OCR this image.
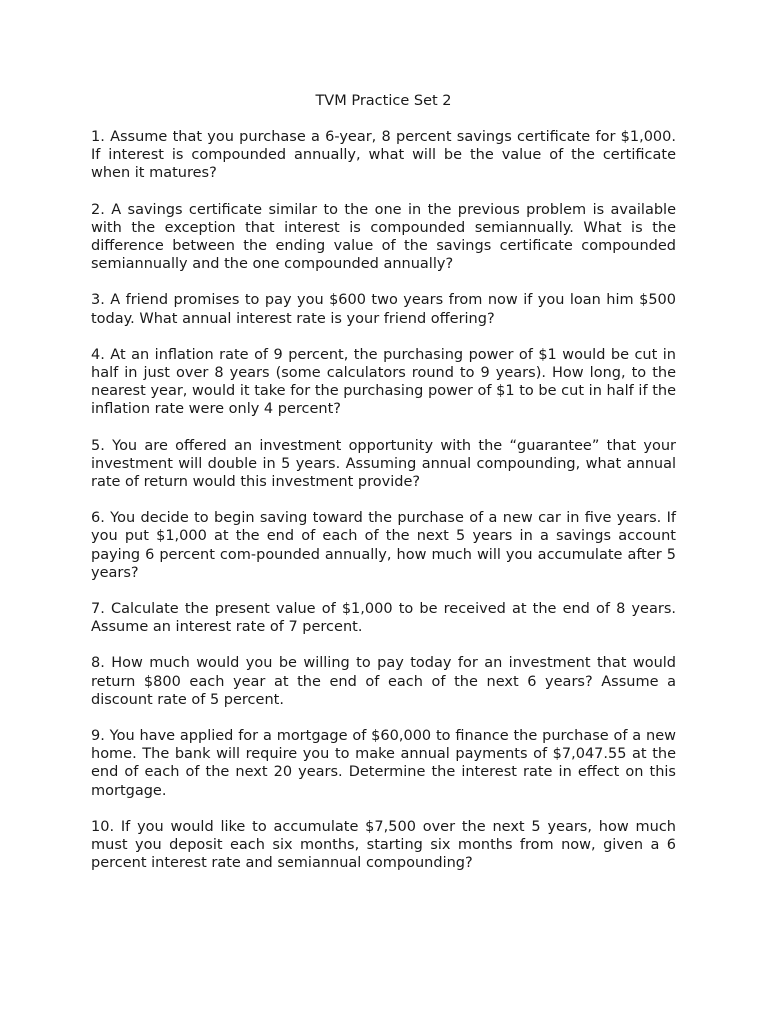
TVM Practice Set 2
1. Assume that you purchase a 6-year, 8 percent savings certificate for $1,000. If interest is compounded annually, what will be the value of the certificate when it matures?
2. A savings certificate similar to the one in the previous problem is available with the exception that interest is compounded semiannually. What is the difference between the ending value of the savings certificate compounded semiannually and the one compounded annually?
3. A friend promises to pay you $600 two years from now if you loan him $500 today. What annual interest rate is your friend offering?
4. At an inflation rate of 9 percent, the purchasing power of $1 would be cut in half in just over 8 years (some calculators round to 9 years). How long, to the nearest year, would it take for the purchasing power of $1 to be cut in half if the inflation rate were only 4 percent?
5. You are offered an investment opportunity with the “guarantee” that your investment will double in 5 years. Assuming annual compounding, what annual rate of return would this investment provide?
6. You decide to begin saving toward the purchase of a new car in five years. If you put $1,000 at the end of each of the next 5 years in a savings account paying 6 percent com-pounded annually, how much will you accumulate after 5 years?
7. Calculate the present value of $1,000 to be received at the end of 8 years. Assume an interest rate of 7 percent.
8. How much would you be willing to pay today for an investment that would return $800 each year at the end of each of the next 6 years? Assume a discount rate of 5 percent.
9. You have applied for a mortgage of $60,000 to finance the purchase of a new home. The bank will require you to make annual payments of $7,047.55 at the end of each of the next 20 years. Determine the interest rate in effect on this mortgage.
10. If you would like to accumulate $7,500 over the next 5 years, how much must you deposit each six months, starting six months from now, given a 6 percent interest rate and semiannual compounding?
